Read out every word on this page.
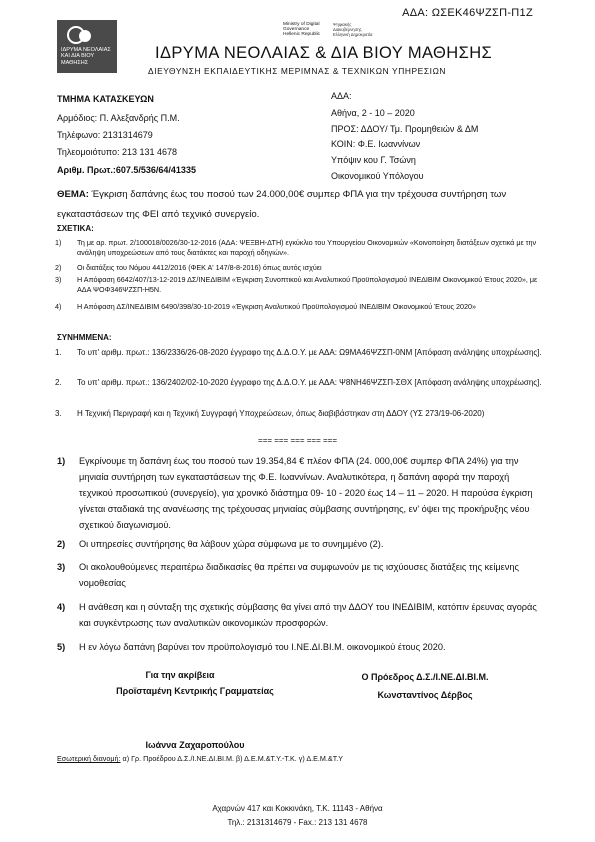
ΑΔΑ: ΩΣΕΚ46ΨΖΣΠ-Π1Ζ
ΙΔΡΥΜΑ ΝΕΟΛΑΙΑΣ ΚΑΙ ΔΙΑ ΒΙΟΥ ΜΑΘΗΣΗΣ
Ministry of Digital Governance Hellenic Republic
Ψηφιακής Διακυβέρνησης Ελληνική Δημοκρατία
ΙΔΡΥΜΑ ΝΕΟΛΑΙΑΣ & ΔΙΑ ΒΙΟΥ ΜΑΘΗΣΗΣ
ΔΙΕΥΘΥΝΣΗ ΕΚΠΑΙΔΕΥΤΙΚΗΣ ΜΕΡΙΜΝΑΣ & ΤΕΧΝΙΚΩΝ ΥΠΗΡΕΣΙΩΝ
ΤΜΗΜΑ ΚΑΤΑΣΚΕΥΩΝ
Αρμόδιος: Π. Αλεξανδρής Π.Μ.
Τηλέφωνο: 2131314679
Τηλεομοιότυπο: 213 131 4678
Αριθμ. Πρωτ.:607.5/536/64/41335
ΑΔΑ:
Αθήνα, 2 - 10 – 2020
ΠΡΟΣ: ΔΔΟΥ/ Τμ. Προμηθειών & ΔΜ
ΚΟΙΝ: Φ.Ε. Ιωαννίνων
Υπόψιν κου Γ. Τσώνη
Οικονομικού Υπόλογου
ΘΕΜΑ: Έγκριση δαπάνης έως του ποσού των 24.000,00€ συμπερ ΦΠΑ για την τρέχουσα συντήρηση των εγκαταστάσεων της ΦΕΙ από τεχνικό συνεργείο.
ΣΧΕΤΙΚΑ:
1) Τη με αρ. πρωτ. 2/100018/0026/30-12-2016 (ΑΔΑ: ΨΕΞΒΗ-ΔΤΗ) εγκύκλιο του Υπουργείου Οικονομικών «Κοινοποίηση διατάξεων σχετικά με την ανάληψη υποχρεώσεων από τους διατάκτες και παροχή οδηγιών».
2) Οι διατάξεις του Νόμου 4412/2016 (ΦΕΚ Α' 147/8-8-2016) όπως αυτός ισχύει
3) Η Απόφαση 6642/407/13-12-2019 ΔΣ/ΙΝΕΔΙΒΙΜ «Έγκριση Συνοπτικού και Αναλυτικού Προϋπολογισμού ΙΝΕΔΙΒΙΜ Οικονομικού Έτους 2020», με ΑΔΑ ΨΟΦ346ΨΖΣΠ-Η5Ν.
4) Η Απόφαση ΔΣ/ΙΝΕΔΙΒΙΜ 6490/398/30-10-2019 «Έγκριση Αναλυτικού Προϋπολογισμού ΙΝΕΔΙΒΙΜ Οικονομικού Έτους 2020»
ΣΥΝΗΜΜΕΝΑ:
1. Το υπ' αριθμ. πρωτ.: 136/2336/26-08-2020 έγγραφο της Δ.Δ.Ο.Υ. με ΑΔΑ: Ω9ΜΑ46ΨΖΣΠ-0ΝΜ [Απόφαση ανάληψης υποχρέωσης].
2. Το υπ' αριθμ. πρωτ.: 136/2402/02-10-2020 έγγραφο της Δ.Δ.Ο.Υ. με ΑΔΑ: Ψ8ΝΗ46ΨΖΣΠ-ΣΘΧ [Απόφαση ανάληψης υποχρέωσης].
3. Η Τεχνική Περιγραφή και η Τεχνική Συγγραφή Υποχρεώσεων, όπως διαβιβάστηκαν στη ΔΔΟΥ (ΥΣ 273/19-06-2020)
=== === === === ===
1) Εγκρίνουμε τη δαπάνη έως του ποσού των 19.354,84 € πλέον ΦΠΑ (24. 000,00€ συμπερ ΦΠΑ 24%) για την μηνιαία συντήρηση των εγκαταστάσεων της Φ.Ε. Ιωαννίνων. Αναλυτικότερα, η δαπάνη αφορά την παροχή τεχνικού προσωπικού (συνεργείο), για χρονικό διάστημα 09- 10 - 2020 έως 14 – 11 – 2020. Η παρούσα έγκριση γίνεται σταδιακά της ανανέωσης της τρέχουσας μηνιαίας σύμβασης συντήρησης, εν' όψει της προκήρυξης νέου σχετικού διαγωνισμού.
2) Οι υπηρεσίες συντήρησης θα λάβουν χώρα σύμφωνα με το συνημμένο (2).
3) Οι ακολουθούμενες περαιτέρω διαδικασίες θα πρέπει να συμφωνούν με τις ισχύουσες διατάξεις της κείμενης νομοθεσίας
4) Η ανάθεση και η σύνταξη της σχετικής σύμβασης θα γίνει από την ΔΔΟΥ του ΙΝΕΔΙΒΙΜ, κατόπιν έρευνας αγοράς και συγκέντρωσης των αναλυτικών οικονομικών προσφορών.
5) Η εν λόγω δαπάνη βαρύνει τον προϋπολογισμό του Ι.ΝΕ.ΔΙ.ΒΙ.Μ. οικονομικού έτους 2020.
Για την ακρίβεια
Προϊσταμένη Κεντρικής Γραμματείας
Ιωάννα Ζαχαροπούλου
Ο Πρόεδρος Δ.Σ./Ι.ΝΕ.ΔΙ.ΒΙ.Μ.
Κωνσταντίνος Δέρβος
Εσωτερική διανομή: α) Γρ. Προέδρου Δ.Σ./Ι.ΝΕ.ΔΙ.ΒΙ.Μ. β) Δ.Ε.Μ.&Τ.Υ.-Τ.Κ. γ) Δ.Ε.Μ.&Τ.Υ
Αχαρνών 417 και Κοκκινάκη, Τ.Κ. 11143 - Αθήνα
Τηλ.: 2131314679 - Fax.: 213 131 4678
